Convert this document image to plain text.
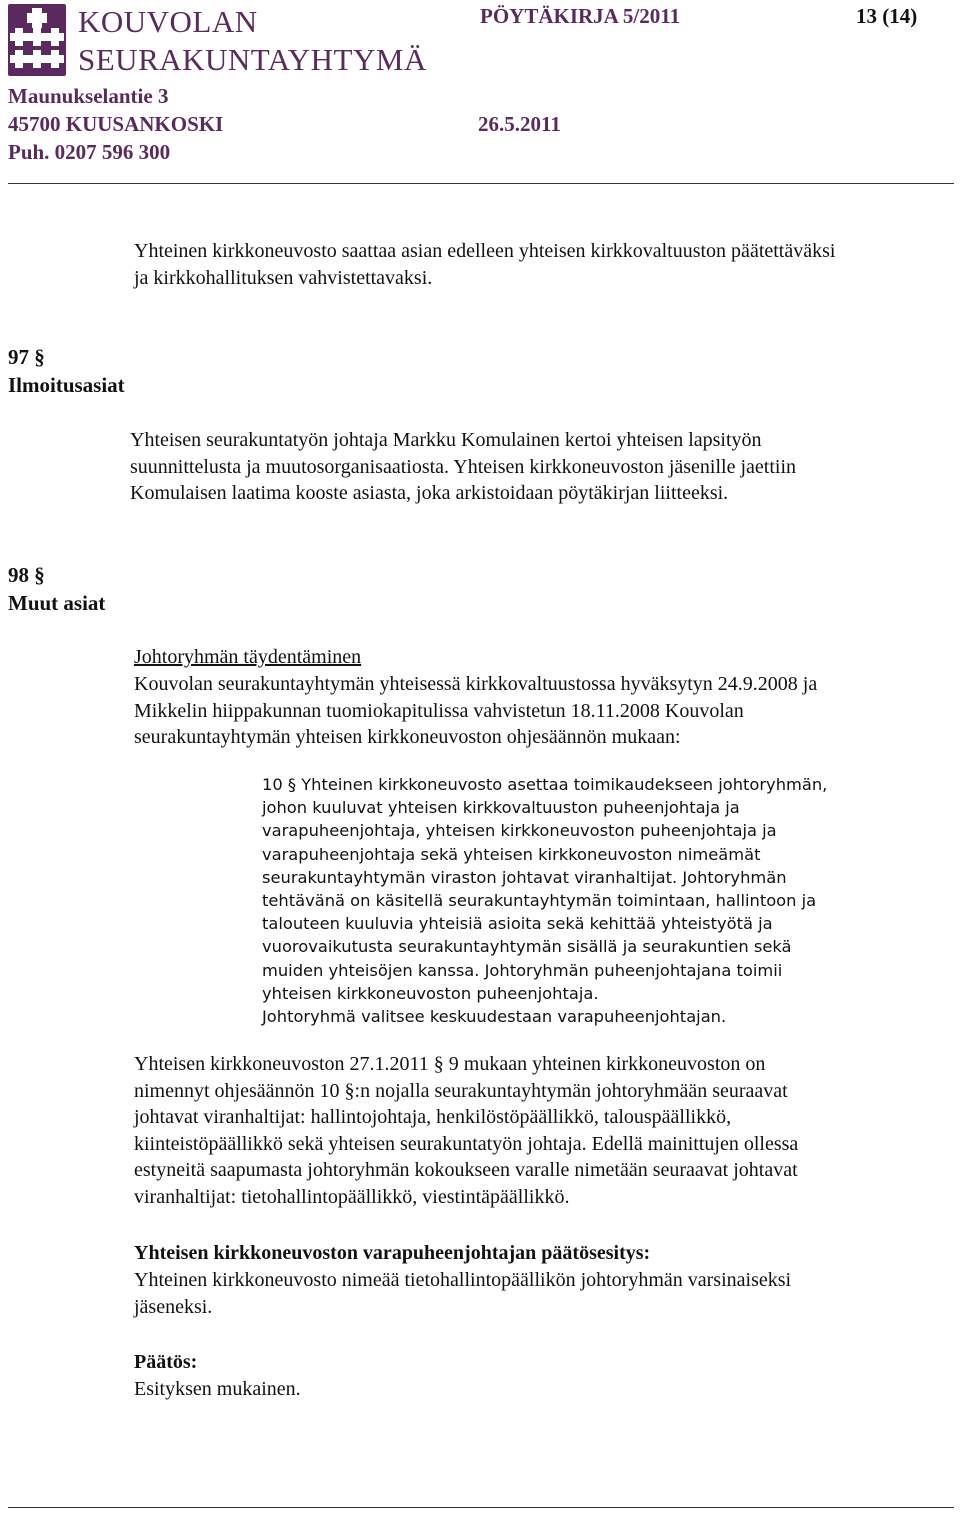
KOUVOLAN
SEURAKUNTAYHTYMÄ
PÖYTÄKIRJA 5/2011	13 (14)
Maunukselantie 3
45700 KUUSANKOSKI	26.5.2011
Puh. 0207 596 300
Yhteinen kirkkoneuvosto saattaa asian edelleen yhteisen kirkkovaltuuston päätettäväksi
ja kirkkohallituksen vahvistettavaksi.
97 §
Ilmoitusasiat
Yhteisen seurakuntatyön johtaja Markku Komulainen kertoi yhteisen lapsityön
suunnittelusta ja muutosorganisaatiosta. Yhteisen kirkkoneuvoston jäsenille jaettiin
Komulaisen laatima kooste asiasta, joka arkistoidaan pöytäkirjan liitteeksi.
98 §
Muut asiat
Johtoryhmän täydentäminen
Kouvolan seurakuntayhtymän yhteisessä kirkkovaltuustossa hyväksytyn 24.9.2008 ja
Mikkelin hiippakunnan tuomiokapitulissa vahvistetun 18.11.2008 Kouvolan
seurakuntayhtymän yhteisen kirkkoneuvoston ohjesäännön mukaan:
10 § Yhteinen kirkkoneuvosto asettaa toimikaudekseen johtoryhmän,
johon kuuluvat yhteisen kirkkovaltuuston puheenjohtaja ja
varapuheenjohtaja, yhteisen kirkkoneuvoston puheenjohtaja ja
varapuheenjohtaja sekä yhteisen kirkkoneuvoston nimeämät
seurakuntayhtymän viraston johtavat viranhaltijat. Johtoryhmän
tehtävänä on käsitellä seurakuntayhtymän toimintaan, hallintoon ja
talouteen kuuluvia yhteisiä asioita sekä kehittää yhteistyötä ja
vuorovaikutusta seurakuntayhtymän sisällä ja seurakuntien sekä
muiden yhteisöjen kanssa. Johtoryhmän puheenjohtajana toimii
yhteisen kirkkoneuvoston puheenjohtaja.
Johtoryhmä valitsee keskuudestaan varapuheenjohtajan.
Yhteisen kirkkoneuvoston 27.1.2011 § 9 mukaan yhteinen kirkkoneuvoston on
nimennyt ohjesäännön 10 §:n nojalla seurakuntayhtymän johtoryhmään seuraavat
johtavat viranhaltijat: hallintojohtaja, henkilöstöpäällikkö, talouspäällikkö,
kiinteistöpäällikkö sekä yhteisen seurakuntatyön johtaja. Edellä mainittujen ollessa
estyneitä saapumasta johtoryhmän kokoukseen varalle nimetään seuraavat johtavat
viranhaltijat: tietohallintopäällikkö, viestintäpäällikkö.
Yhteisen kirkkoneuvoston varapuheenjohtajan päätösesitys:
Yhteinen kirkkoneuvosto nimeää tietohallintopäällikön johtoryhmän varsinaiseksi
jäseneksi.
Päätös:
Esityksen mukainen.
